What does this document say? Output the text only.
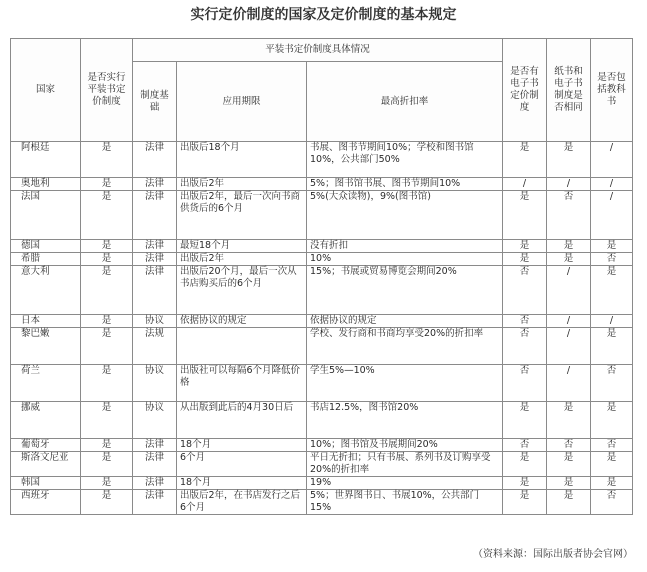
实行定价制度的国家及定价制度的基本规定
国家	是否实行平装书定价制度	平装书定价制度具体情况			是否有电子书定价制度	纸书和电子书制度是否相同	是否包括教科书
		制度基础	应用期限	最高折扣率			
阿根廷	是	法律	出版后18个月	书展、图书节期间10%；学校和图书馆10%，公共部门50%	是	是	/
奥地利	是	法律	出版后2年	5%；图书馆书展、图书节期间10%	/	/	/
法国	是	法律	出版后2年，最后一次向书商供货后的6个月	5%(大众读物)，9%(图书馆)	是	否	/
德国	是	法律	最短18个月	没有折扣	是	是	是
希腊	是	法律	出版后2年	10%	是	是	否
意大利	是	法律	出版后20个月，最后一次从书店购买后的6个月	15%；书展或贸易博览会期间20%	否	/	是
日本	是	协议	依据协议的规定	依据协议的规定	否	/	/
黎巴嫩	是	法规		学校、发行商和书商均享受20%的折扣率	否	/	是
荷兰	是	协议	出版社可以每隔6个月降低价格	学生5%—10%	否	/	否
挪威	是	协议	从出版到此后的4月30日后	书店12.5%，图书馆20%	是	是	是
葡萄牙	是	法律	18个月	10%；图书馆及书展期间20%	否	否	否
斯洛文尼亚	是	法律	6个月	平日无折扣；只有书展、系列书及订购享受20%的折扣率	是	是	是
韩国	是	法律	18个月	19%	是	是	是
西班牙	是	法律	出版后2年，在书店发行之后6个月	5%；世界图书日、书展10%，公共部门15%	是	是	否
（资料来源：国际出版者协会官网）
